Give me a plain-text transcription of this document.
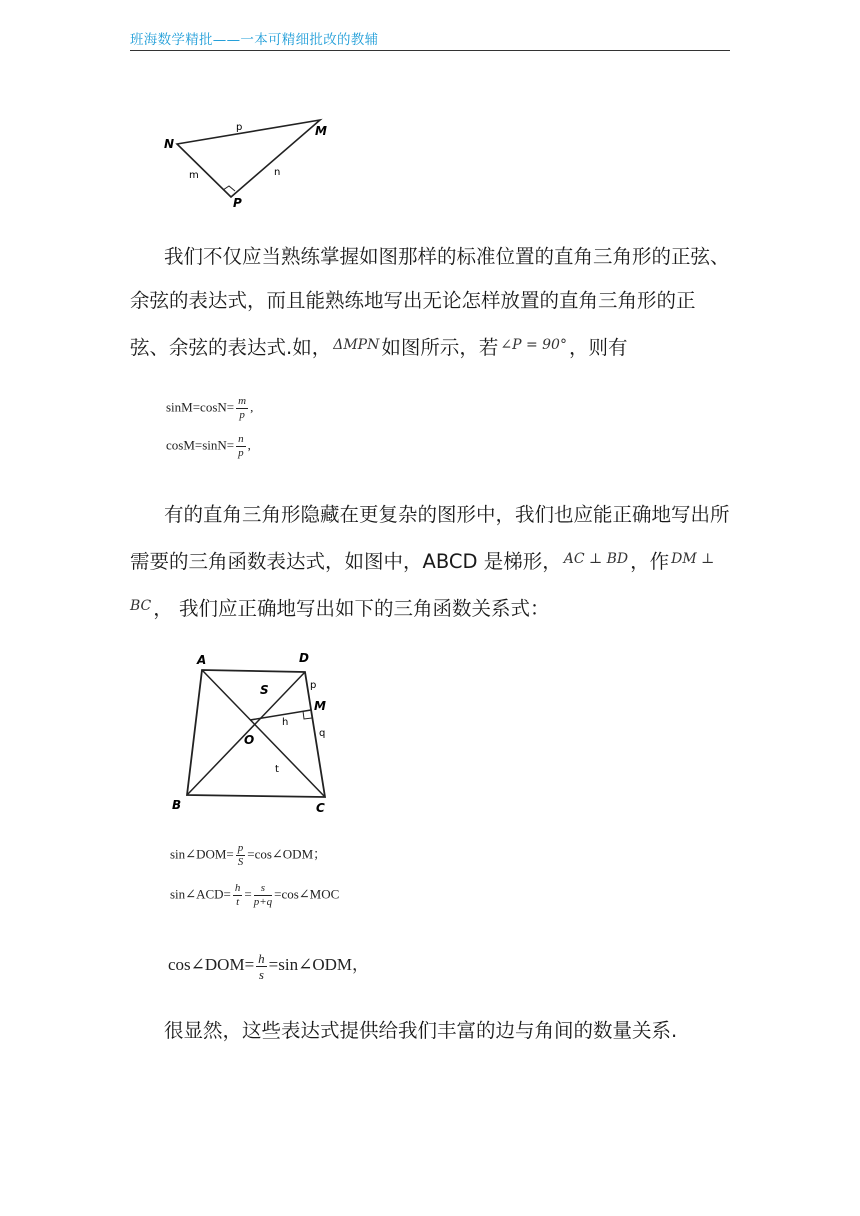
班海数学精批——一本可精细批改的教辅
N
M
P
p
m	n

我们不仅应当熟练掌握如图那样的标准位置的直角三角形的正弦、余弦的表达式，而且能熟练地写出无论怎样放置的直角三角形的正弦、余弦的表达式.如， $^{\Delta MPN}$ 如图所示，若 $^{\angle P = 90^\circ}$ ，则有

$\sin M=\cos N= \frac{m}{p}$ ,
$\cos M=\sin N= \frac{n}{p}$ ,

有的直角三角形隐藏在更复杂的图形中，我们也应能正确地写出所需要的三角函数表达式，如图中，ABCD 是梯形， $^{AC \perp BD}$ ，作 $^{DM \perp BC}$ ， 我们应正确地写出如下的三角函数关系式：

A	D
B	C
O
M
S	p
h
q
t
sin∠DOM= $\frac{p}{S}$ =cos∠ODM；
sin∠ACD= $\frac{h}{t} = \frac{s}{p+q}$ =cos∠MOC
cos∠DOM= $\frac{h}{s}$ =sin∠ODM，

很显然，这些表达式提供给我们丰富的边与角间的数量关系.
